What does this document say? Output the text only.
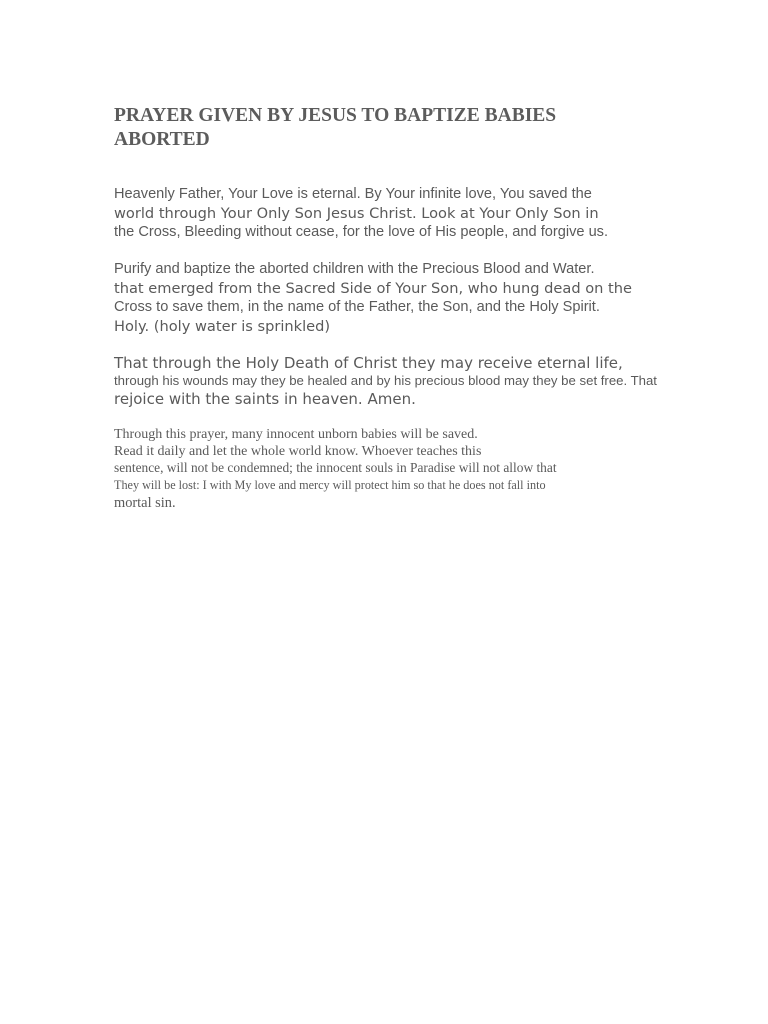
PRAYER GIVEN BY JESUS TO BAPTIZE BABIES ABORTED
Heavenly Father, Your Love is eternal. By Your infinite love, You saved the
world through Your Only Son Jesus Christ. Look at Your Only Son in
the Cross, Bleeding without cease, for the love of His people, and forgive us.
Purify and baptize the aborted children with the Precious Blood and Water.
that emerged from the Sacred Side of Your Son, who hung dead on the
Cross to save them, in the name of the Father, the Son, and the Holy Spirit.
Holy. (holy water is sprinkled)
That through the Holy Death of Christ they may receive eternal life,
through his wounds may they be healed and by his precious blood may they be set free. That
rejoice with the saints in heaven. Amen.
Through this prayer, many innocent unborn babies will be saved.
Read it daily and let the whole world know. Whoever teaches this
sentence, will not be condemned; the innocent souls in Paradise will not allow that
They will be lost: I with My love and mercy will protect him so that he does not fall into
mortal sin.
